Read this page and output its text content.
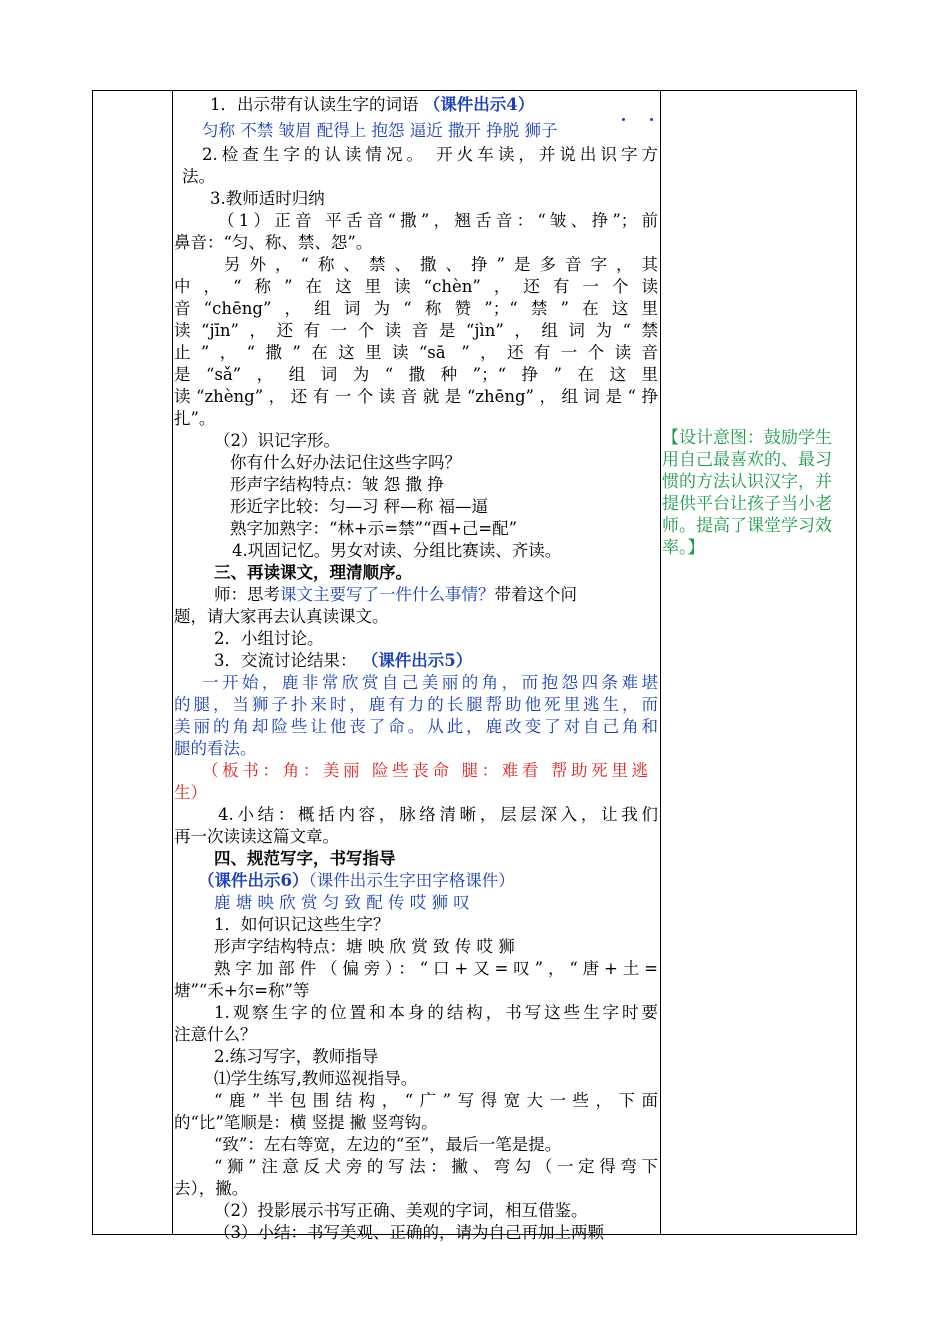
1．出示带有认读生字的词语 （课件出示4）
匀称 不禁 皱眉 配得上 抱怨 逼近 撒开 挣脱 狮子
2.检查生字的认读情况。 开火车读，并说出识字方
法。
3.教师适时归纳
（1）正音 平舌音“撒”，翘舌音：“皱、挣”；前
鼻音：“匀、称、禁、怨”。
另外，“称、禁、撒、挣”是多音字，其
中，“称”在这里读“chèn”，还有一个读
音“chēng”，组词为“称赞”；“禁”在这里
读“jīn”，还有一个读音是“jìn”，组词为“禁
止”，“撒”在这里读“sā ”，还有一个读音
是“sǎ”，组词为“撒种”；“挣”在这里
读“zhèng”，还有一个读音就是“zhēng”，组词是“挣
扎”。
（2）识记字形。
你有什么好办法记住这些字吗？
形声字结构特点：皱 怨 撒 挣
形近字比较：匀—习 秤—称 福—逼
熟字加熟字：“林+示=禁”“酉+己=配”
4.巩固记忆。男女对读、分组比赛读、齐读。
三、再读课文，理清顺序。
师：思考课文主要写了一件什么事情？带着这个问
题，请大家再去认真读课文。
2．小组讨论。
3．交流讨论结果： （课件出示5）
一开始，鹿非常欣赏自己美丽的角，而抱怨四条难堪
的腿，当狮子扑来时，鹿有力的长腿帮助他死里逃生，而
美丽的角却险些让他丧了命。从此，鹿改变了对自己角和
腿的看法。
（板书：角：美丽 险些丧命 腿：难看 帮助死里逃
生）
4.小结：概括内容，脉络清晰，层层深入，让我们
再一次读读这篇文章。
四、规范写字，书写指导
（课件出示6）（课件出示生字田字格课件）
鹿 塘 映 欣 赏 匀 致 配 传 哎 狮 叹
1．如何识记这些生字？
形声字结构特点：塘 映 欣 赏 致 传 哎 狮
熟字加部件（偏旁）：“口+又=叹”，“唐+土=
塘”“禾+尔=称”等
1.观察生字的位置和本身的结构，书写这些生字时要
注意什么？
2.练习写字，教师指导
⑴学生练写,教师巡视指导。
“鹿”半包围结构，“广”写得宽大一些，下面
的“比”笔顺是：横 竖提 撇 竖弯钩。
“致”：左右等宽，左边的“至”，最后一笔是提。
“狮”注意反犬旁的写法：撇、弯勾（一定得弯下
去），撇。
（2）投影展示书写正确、美观的字词，相互借鉴。
（3）小结：书写美观、正确的，请为自己再加上两颗
【设计意图：鼓励学生
用自己最喜欢的、最习
惯的方法认识汉字，并
提供平台让孩子当小老
师。提高了课堂学习效
率。】
